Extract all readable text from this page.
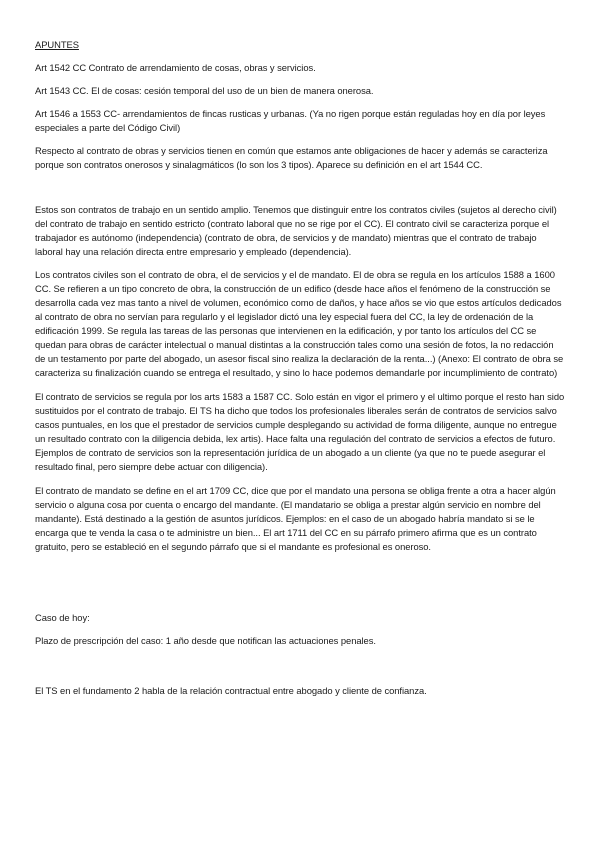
APUNTES

Art 1542 CC Contrato de arrendamiento de cosas, obras y servicios.

Art 1543 CC. El de cosas: cesión temporal del uso de un bien de manera onerosa.

Art 1546 a 1553 CC- arrendamientos de fincas rusticas y urbanas. (Ya no rigen porque están reguladas hoy en día por leyes especiales a parte del Código Civil)

Respecto al contrato de obras y servicios tienen en común que estamos ante obligaciones de hacer y además se caracteriza porque son contratos onerosos y sinalagmáticos (lo son los 3 tipos). Aparece su definición en el art 1544 CC.

Estos son contratos de trabajo en un sentido amplio. Tenemos que distinguir entre los contratos civiles (sujetos al derecho civil) del contrato de trabajo en sentido estricto (contrato laboral que no se rige por el CC). El contrato civil se caracteriza porque el trabajador es autónomo (independencia) (contrato de obra, de servicios y de mandato) mientras que el contrato de trabajo laboral hay una relación directa entre empresario y empleado (dependencia).

Los contratos civiles son el contrato de obra, el de servicios y el de mandato. El de obra se regula en los artículos 1588 a 1600 CC. Se refieren a un tipo concreto de obra, la construcción de un edifico (desde hace años el fenómeno de la construcción se desarrolla cada vez mas tanto a nivel de volumen, económico como de daños, y hace años se vio que estos artículos dedicados al contrato de obra no servían para regularlo y el legislador dictó una ley especial fuera del CC, la ley de ordenación de la edificación 1999. Se regula las tareas de las personas que intervienen en la edificación, y por tanto los artículos del CC se quedan para obras de carácter intelectual o manual distintas a la construcción tales como una sesión de fotos, la no redacción de un testamento por parte del abogado, un asesor fiscal sino realiza la declaración de la renta...) (Anexo: El contrato de obra se caracteriza su finalización cuando se entrega el resultado, y sino lo hace podemos demandarle por incumplimiento de contrato)

El contrato de servicios se regula por los arts 1583 a 1587 CC. Solo están en vigor el primero y el ultimo porque el resto han sido sustituidos por el contrato de trabajo. El TS ha dicho que todos los profesionales liberales serán de contratos de servicios salvo casos puntuales, en los que el prestador de servicios cumple desplegando su actividad de forma diligente, aunque no entregue un resultado contrato con la diligencia debida, lex artis). Hace falta una regulación del contrato de servicios a efectos de futuro. Ejemplos de contrato de servicios son la representación jurídica de un abogado a un cliente (ya que no te puede asegurar el resultado final, pero siempre debe actuar con diligencia).

El contrato de mandato se define en el art 1709 CC, dice que por el mandato una persona se obliga frente a otra a hacer algún servicio o alguna cosa por cuenta o encargo del mandante. (El mandatario se obliga a prestar algún servicio en nombre del mandante). Está destinado a la gestión de asuntos jurídicos. Ejemplos: en el caso de un abogado habría mandato si se le encarga que te venda la casa o te administre un bien... El art 1711 del CC en su párrafo primero afirma que es un contrato gratuito, pero se estableció en el segundo párrafo que si el mandante es profesional es oneroso.

Caso de hoy:

Plazo de prescripción del caso: 1 año desde que notifican las actuaciones penales.

El TS en el fundamento 2 habla de la relación contractual entre abogado y cliente de confianza.
